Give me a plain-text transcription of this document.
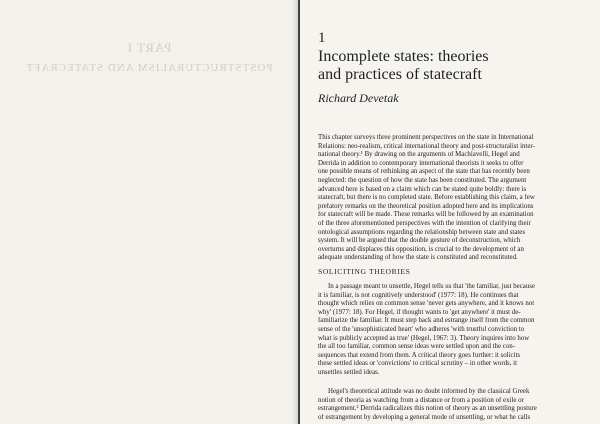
PART I
POSTSTRUCTURALISM AND STATECRAFT
1
Incomplete states: theories
and practices of statecraft
Richard Devetak
This chapter surveys three prominent perspectives on the state in International
Relations: neo-realism, critical international theory and post-structuralist inter-
national theory.¹ By drawing on the arguments of Machiavelli, Hegel and
Derrida in addition to contemporary international theorists it seeks to offer
one possible means of rethinking an aspect of the state that has recently been
neglected: the question of how the state has been constituted. The argument
advanced here is based on a claim which can be stated quite boldly: there is
statecraft, but there is no completed state. Before establishing this claim, a few
prefatory remarks on the theoretical position adopted here and its implications
for statecraft will be made. These remarks will be followed by an examination
of the three aforementioned perspectives with the intention of clarifying their
ontological assumptions regarding the relationship between state and states
system. It will be argued that the double gesture of deconstruction, which
overturns and displaces this opposition, is crucial to the development of an
adequate understanding of how the state is constituted and reconstituted.
SOLICITING THEORIES
In a passage meant to unsettle, Hegel tells us that 'the familiar, just because
it is familiar, is not cognitively understood' (1977: 18). He continues that
thought which relies on common sense 'never gets anywhere, and it knows not
why' (1977: 18). For Hegel, if thought wants to 'get anywhere' it must de-
familiarize the familiar. It must step back and estrange itself from the common
sense of the 'unsophisticated heart' who adheres 'with trustful conviction to
what is publicly accepted as true' (Hegel, 1967: 3). Theory inquires into how
the all too familiar, common sense ideas were settled upon and the con-
sequences that extend from them. A critical theory goes further: it solicits
these settled ideas or 'convictions' to critical scrutiny – in other words, it
unsettles settled ideas.
Hegel's theoretical attitude was no doubt informed by the classical Greek
notion of theoria as watching from a distance or from a position of exile or
estrangement.² Derrida radicalizes this notion of theory as an unsettling posture
of estrangement by developing a general mode of unsettling, or what he calls
